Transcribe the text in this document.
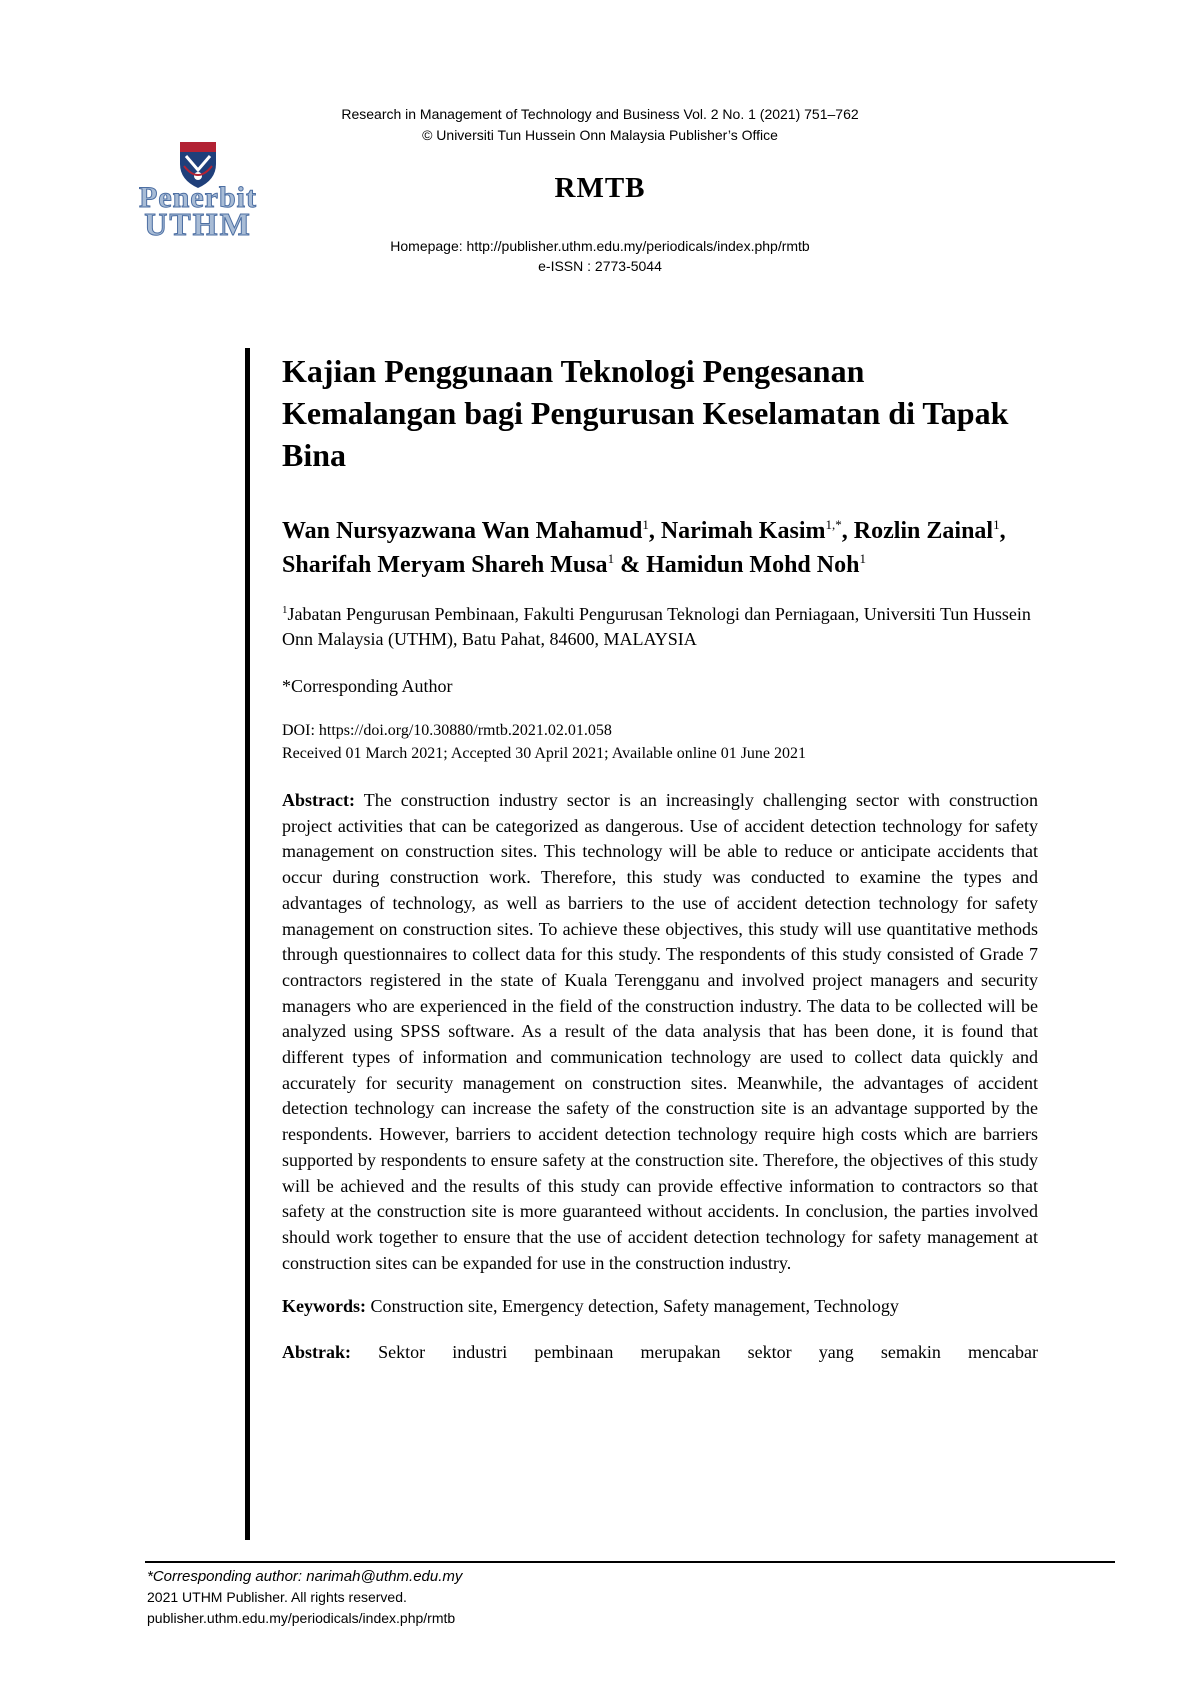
Research in Management of Technology and Business Vol. 2 No. 1 (2021) 751–762
© Universiti Tun Hussein Onn Malaysia Publisher’s Office
Penerbit
UTHM
RMTB
Homepage: http://publisher.uthm.edu.my/periodicals/index.php/rmtb
e-ISSN : 2773-5044
Kajian Penggunaan Teknologi Pengesanan Kemalangan bagi Pengurusan Keselamatan di Tapak Bina

Wan Nursyazwana Wan Mahamud$^1$, Narimah Kasim$^{1,*}$, Rozlin Zainal$^1$, Sharifah Meryam Shareh Musa$^1$ & Hamidun Mohd Noh$^1$

$^1$Jabatan Pengurusan Pembinaan, Fakulti Pengurusan Teknologi dan Perniagaan, Universiti Tun Hussein Onn Malaysia (UTHM), Batu Pahat, 84600, MALAYSIA

*Corresponding Author

DOI: https://doi.org/10.30880/rmtb.2021.02.01.058
Received 01 March 2021; Accepted 30 April 2021; Available online 01 June 2021

Abstract: The construction industry sector is an increasingly challenging sector with construction project activities that can be categorized as dangerous. Use of accident detection technology for safety management on construction sites. This technology will be able to reduce or anticipate accidents that occur during construction work. Therefore, this study was conducted to examine the types and advantages of technology, as well as barriers to the use of accident detection technology for safety management on construction sites. To achieve these objectives, this study will use quantitative methods through questionnaires to collect data for this study. The respondents of this study consisted of Grade 7 contractors registered in the state of Kuala Terengganu and involved project managers and security managers who are experienced in the field of the construction industry. The data to be collected will be analyzed using SPSS software. As a result of the data analysis that has been done, it is found that different types of information and communication technology are used to collect data quickly and accurately for security management on construction sites. Meanwhile, the advantages of accident detection technology can increase the safety of the construction site is an advantage supported by the respondents. However, barriers to accident detection technology require high costs which are barriers supported by respondents to ensure safety at the construction site. Therefore, the objectives of this study will be achieved and the results of this study can provide effective information to contractors so that safety at the construction site is more guaranteed without accidents. In conclusion, the parties involved should work together to ensure that the use of accident detection technology for safety management at construction sites can be expanded for use in the construction industry.

Keywords: Construction site, Emergency detection, Safety management, Technology

Abstrak: Sektor industri pembinaan merupakan sektor yang semakin mencabar

*Corresponding author: narimah@uthm.edu.my
2021 UTHM Publisher. All rights reserved.
publisher.uthm.edu.my/periodicals/index.php/rmtb
